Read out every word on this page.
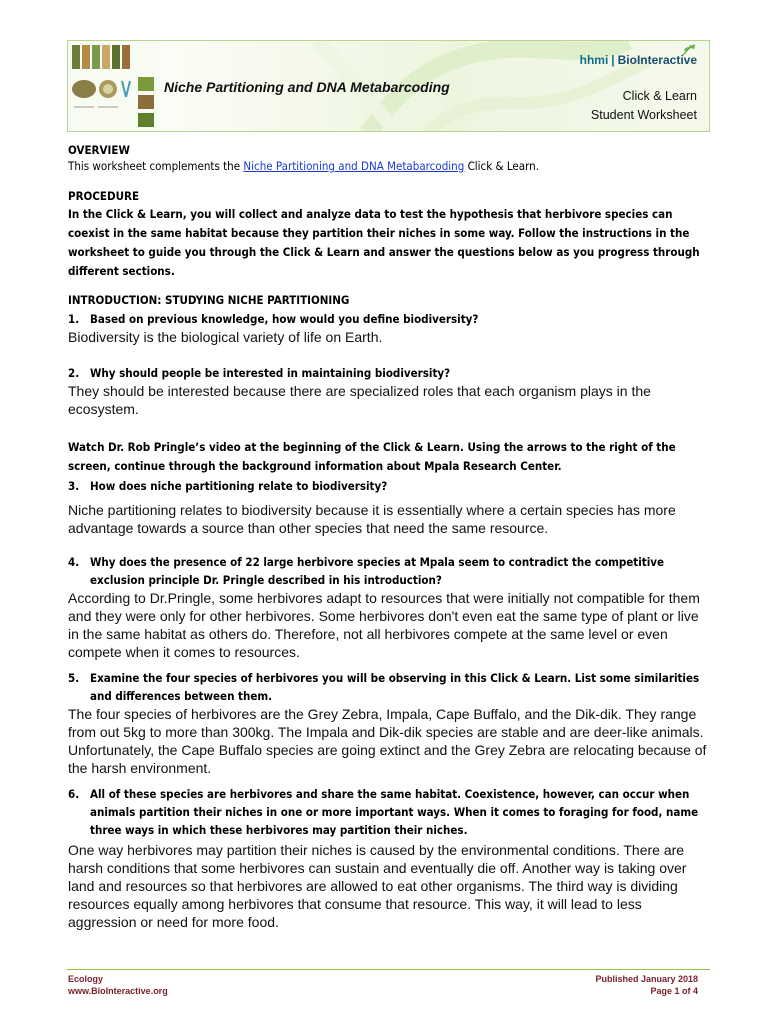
Niche Partitioning and DNA Metabarcoding
hhmi | BioInteractive
Click & Learn
Student Worksheet
OVERVIEW
This worksheet complements the Niche Partitioning and DNA Metabarcoding Click & Learn.
PROCEDURE
In the Click & Learn, you will collect and analyze data to test the hypothesis that herbivore species can coexist in the same habitat because they partition their niches in some way. Follow the instructions in the worksheet to guide you through the Click & Learn and answer the questions below as you progress through different sections.
INTRODUCTION: STUDYING NICHE PARTITIONING
1. Based on previous knowledge, how would you define biodiversity?
Biodiversity is the biological variety of life on Earth.
2. Why should people be interested in maintaining biodiversity?
They should be interested because there are specialized roles that each organism plays in the ecosystem.
Watch Dr. Rob Pringle’s video at the beginning of the Click & Learn. Using the arrows to the right of the screen, continue through the background information about Mpala Research Center.
3. How does niche partitioning relate to biodiversity?
Niche partitioning relates to biodiversity because it is essentially where a certain species has more advantage towards a source than other species that need the same resource.
4. Why does the presence of 22 large herbivore species at Mpala seem to contradict the competitive exclusion principle Dr. Pringle described in his introduction?
According to Dr.Pringle, some herbivores adapt to resources that were initially not compatible for them and they were only for other herbivores. Some herbivores don't even eat the same type of plant or live in the same habitat as others do. Therefore, not all herbivores compete at the same level or even compete when it comes to resources.
5. Examine the four species of herbivores you will be observing in this Click & Learn. List some similarities and differences between them.
The four species of herbivores are the Grey Zebra, Impala, Cape Buffalo, and the Dik-dik. They range from out 5kg to more than 300kg. The Impala and Dik-dik species are stable and are deer-like animals. Unfortunately, the Cape Buffalo species are going extinct and the Grey Zebra are relocating because of the harsh environment.
6. All of these species are herbivores and share the same habitat. Coexistence, however, can occur when animals partition their niches in one or more important ways. When it comes to foraging for food, name three ways in which these herbivores may partition their niches.
One way herbivores may partition their niches is caused by the environmental conditions. There are harsh conditions that some herbivores can sustain and eventually die off. Another way is taking over land and resources so that herbivores are allowed to eat other organisms. The third way is dividing resources equally among herbivores that consume that resource. This way, it will lead to less aggression or need for more food.
Ecology
www.BioInteractive.org
Published January 2018
Page 1 of 4
